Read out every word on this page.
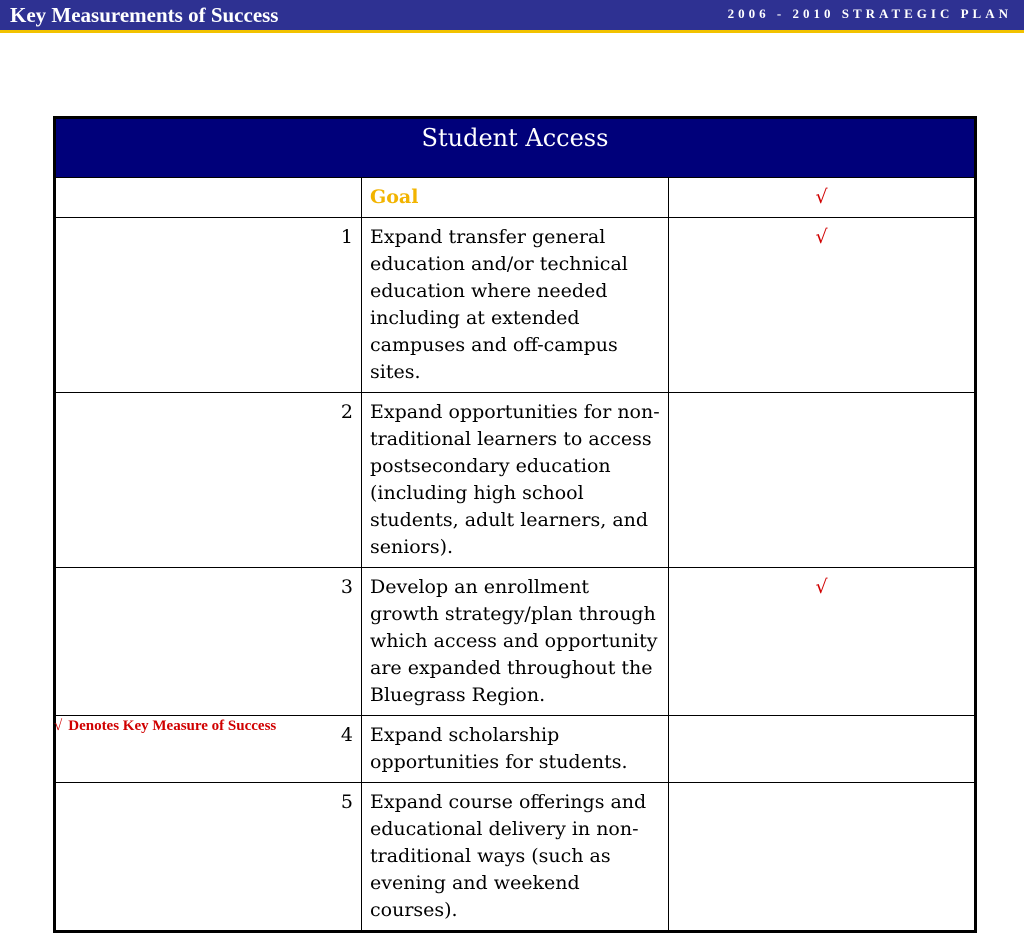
Key Measurements of Success	2006 - 2010 STRATEGIC PLAN
Student Access		
	Goal	√
1	Expand transfer general education and/or technical education where needed including at extended campuses and off-campus sites.	√
2	Expand opportunities for non-traditional learners to access postsecondary education (including high school students, adult learners, and seniors).	
3	Develop an enrollment growth strategy/plan through which access and opportunity are expanded throughout the Bluegrass Region.	√
4	Expand scholarship opportunities for students.	
5	Expand course offerings and educational delivery in non-traditional ways (such as evening and weekend courses).	
√ Denotes Key Measure of Success
